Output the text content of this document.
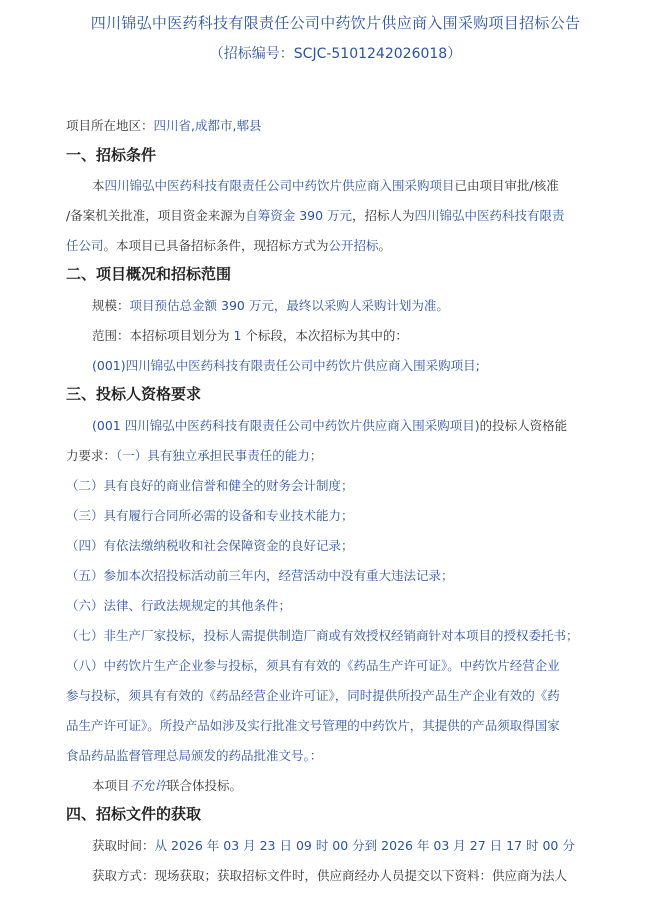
四川锦弘中医药科技有限责任公司中药饮片供应商入围采购项目招标公告
（招标编号：SCJC-5101242026018）
项目所在地区：四川省,成都市,郫县
一、招标条件
本四川锦弘中医药科技有限责任公司中药饮片供应商入围采购项目已由项目审批/核准
/备案机关批准，项目资金来源为自筹资金 390 万元，招标人为四川锦弘中医药科技有限责
任公司。本项目已具备招标条件，现招标方式为公开招标。
二、项目概况和招标范围
规模：项目预估总金额 390 万元，最终以采购人采购计划为准。
范围：本招标项目划分为 1 个标段，本次招标为其中的：
(001)四川锦弘中医药科技有限责任公司中药饮片供应商入围采购项目;
三、投标人资格要求
(001 四川锦弘中医药科技有限责任公司中药饮片供应商入围采购项目)的投标人资格能
力要求：（一）具有独立承担民事责任的能力；
（二）具有良好的商业信誉和健全的财务会计制度；
（三）具有履行合同所必需的设备和专业技术能力；
（四）有依法缴纳税收和社会保障资金的良好记录；
（五）参加本次招投标活动前三年内，经营活动中没有重大违法记录；
（六）法律、行政法规规定的其他条件；
（七）非生产厂家投标，投标人需提供制造厂商或有效授权经销商针对本项目的授权委托书；
（八）中药饮片生产企业参与投标，须具有有效的《药品生产许可证》。中药饮片经营企业
参与投标，须具有有效的《药品经营企业许可证》，同时提供所投产品生产企业有效的《药
品生产许可证》。所投产品如涉及实行批准文号管理的中药饮片，其提供的产品须取得国家
食品药品监督管理总局颁发的药品批准文号。：
本项目不允许联合体投标。
四、招标文件的获取
获取时间：从 2026 年 03 月 23 日 09 时 00 分到 2026 年 03 月 27 日 17 时 00 分
获取方式：现场获取；获取招标文件时，供应商经办人员提交以下资料：供应商为法人
